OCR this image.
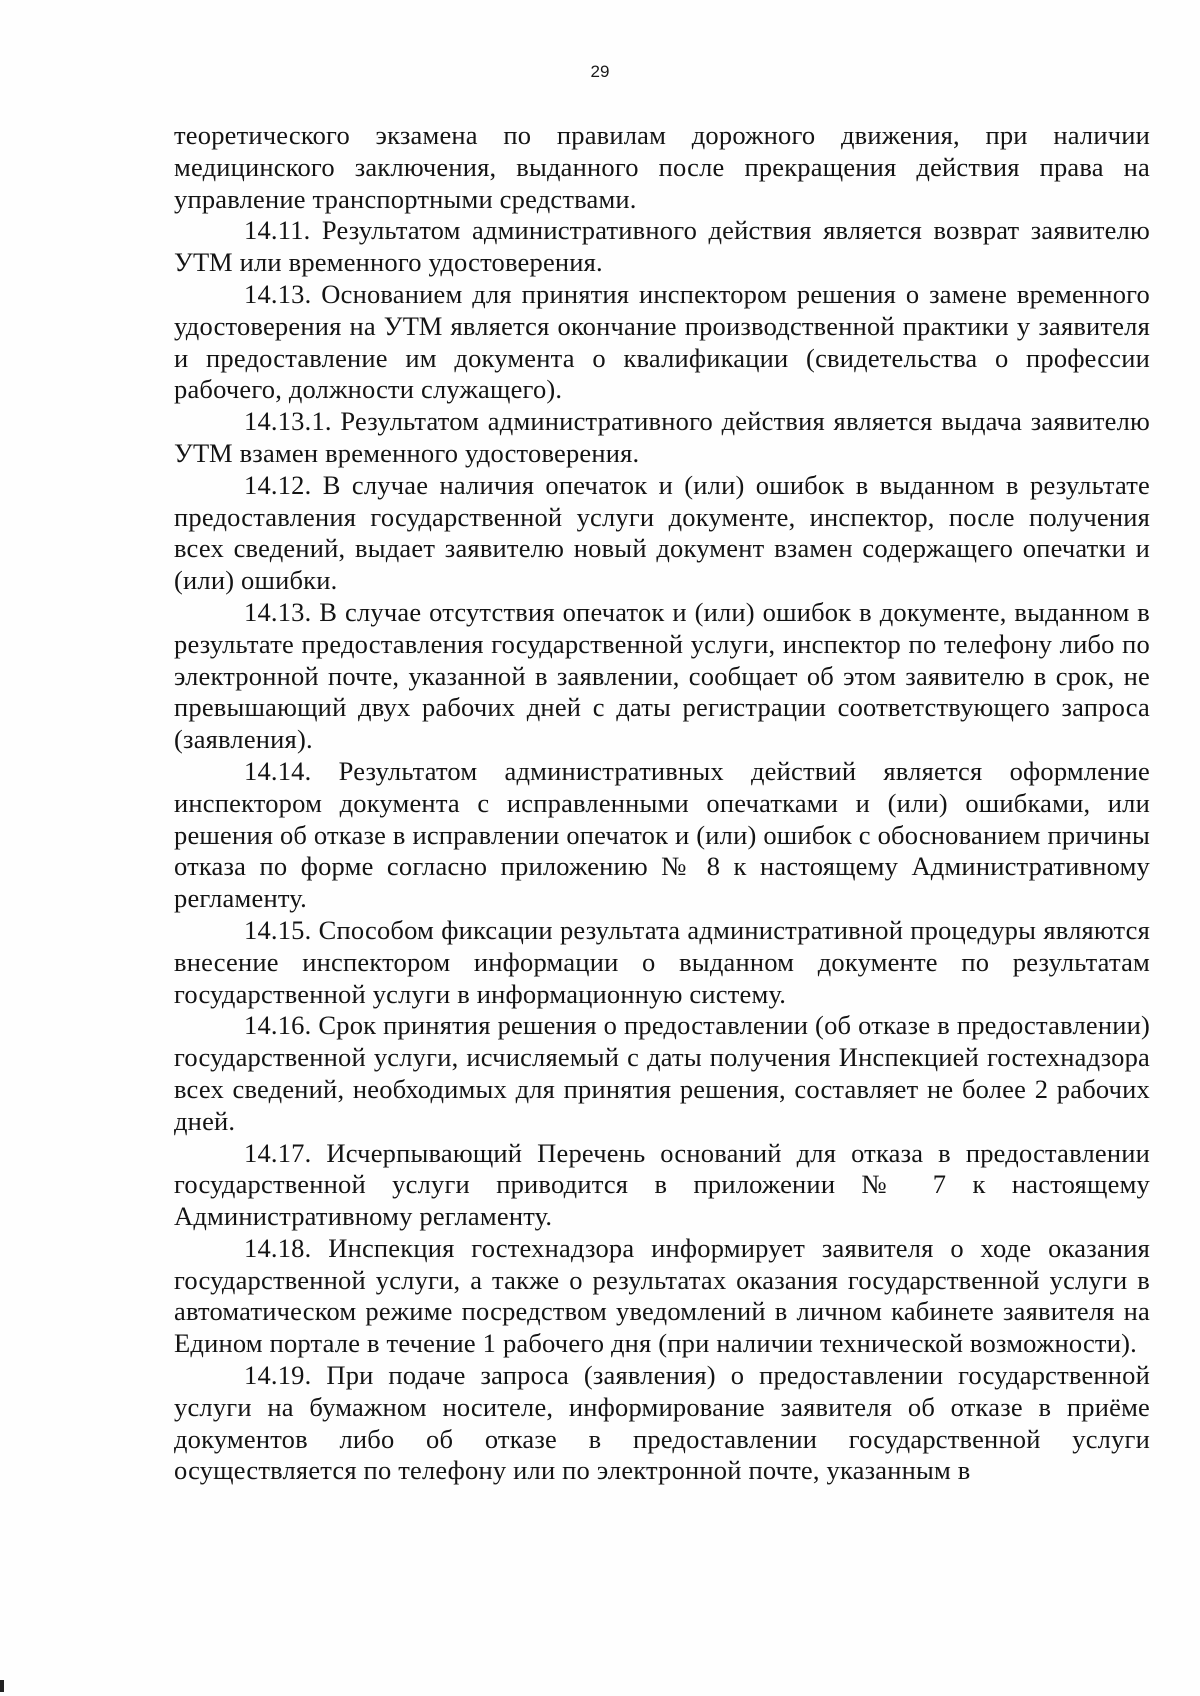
29

теоретического экзамена по правилам дорожного движения, при наличии медицинского заключения, выданного после прекращения действия права на управление транспортными средствами.

14.11. Результатом административного действия является возврат заявителю УТМ или временного удостоверения.

14.13. Основанием для принятия инспектором решения о замене временного удостоверения на УТМ является окончание производственной практики у заявителя и предоставление им документа о квалификации (свидетельства о профессии рабочего, должности служащего).

14.13.1. Результатом административного действия является выдача заявителю УТМ взамен временного удостоверения.

14.12. В случае наличия опечаток и (или) ошибок в выданном в результате предоставления государственной услуги документе, инспектор, после получения всех сведений, выдает заявителю новый документ взамен содержащего опечатки и (или) ошибки.

14.13. В случае отсутствия опечаток и (или) ошибок в документе, выданном в результате предоставления государственной услуги, инспектор по телефону либо по электронной почте, указанной в заявлении, сообщает об этом заявителю в срок, не превышающий двух рабочих дней с даты регистрации соответствующего запроса (заявления).

14.14. Результатом административных действий является оформление инспектором документа с исправленными опечатками и (или) ошибками, или решения об отказе в исправлении опечаток и (или) ошибок с обоснованием причины отказа по форме согласно приложению № 8 к настоящему Административному регламенту.

14.15. Способом фиксации результата административной процедуры являются внесение инспектором информации о выданном документе по результатам государственной услуги в информационную систему.

14.16. Срок принятия решения о предоставлении (об отказе в предоставлении) государственной услуги, исчисляемый с даты получения Инспекцией гостехнадзора всех сведений, необходимых для принятия решения, составляет не более 2 рабочих дней.

14.17. Исчерпывающий Перечень оснований для отказа в предоставлении государственной услуги приводится в приложении № 7 к настоящему Административному регламенту.

14.18. Инспекция гостехнадзора информирует заявителя о ходе оказания государственной услуги, а также о результатах оказания государственной услуги в автоматическом режиме посредством уведомлений в личном кабинете заявителя на Едином портале в течение 1 рабочего дня (при наличии технической возможности).

14.19. При подаче запроса (заявления) о предоставлении государственной услуги на бумажном носителе, информирование заявителя об отказе в приёме документов либо об отказе в предоставлении государственной услуги осуществляется по телефону или по электронной почте, указанным в
